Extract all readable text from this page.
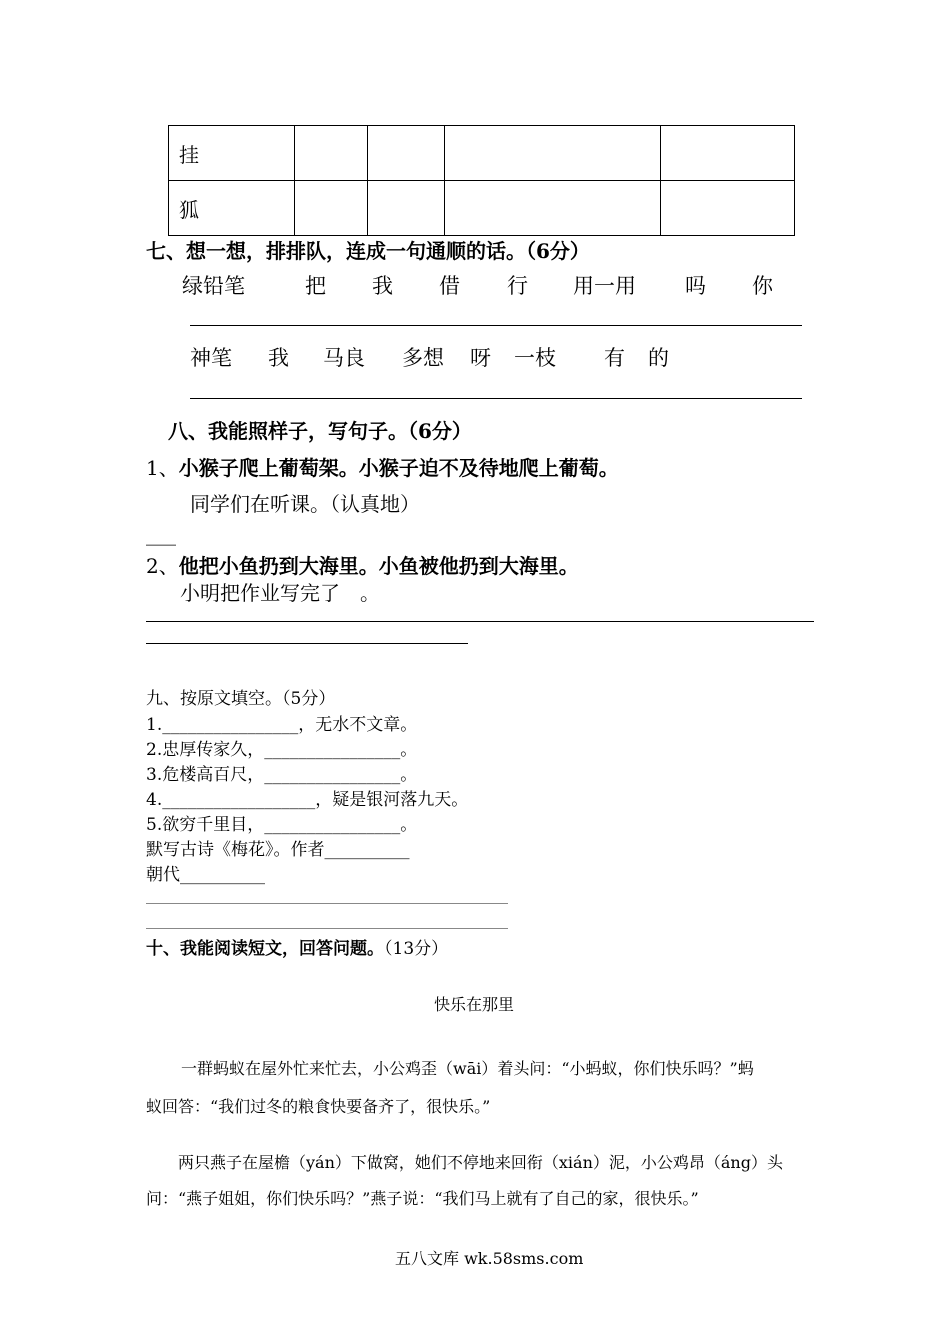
挂				
狐				
七、想一想，排排队，连成一句通顺的话。（6分）
绿铅笔	把 我 借 行 用一用 吗 你
神笔 我 马良 多想 呀 一枝 有 的
八、我能照样子，写句子。（6分）
1、小猴子爬上葡萄架。小猴子迫不及待地爬上葡萄。
同学们在听课。（认真地）
___
2、他把小鱼扔到大海里。小鱼被他扔到大海里。
小明把作业写完了　。
九、按原文填空。（5分）
1.________________，无水不文章。
2.忠厚传家久，________________。
3.危楼高百尺，________________。
4.__________________，疑是银河落九天。
5.欲穷千里目，________________。
默写古诗《梅花》。作者__________
朝代__________
十、我能阅读短文，回答问题。（13分）
快乐在那里
一群蚂蚁在屋外忙来忙去，小公鸡歪（wāi）着头问：“小蚂蚁，你们快乐吗？”蚂
蚁回答：“我们过冬的粮食快要备齐了，很快乐。”
两只燕子在屋檐（yán）下做窝，她们不停地来回衔（xián）泥，小公鸡昂（áng）头
问：“燕子姐姐，你们快乐吗？”燕子说：“我们马上就有了自己的家，很快乐。”
五八文库 wk.58sms.com
